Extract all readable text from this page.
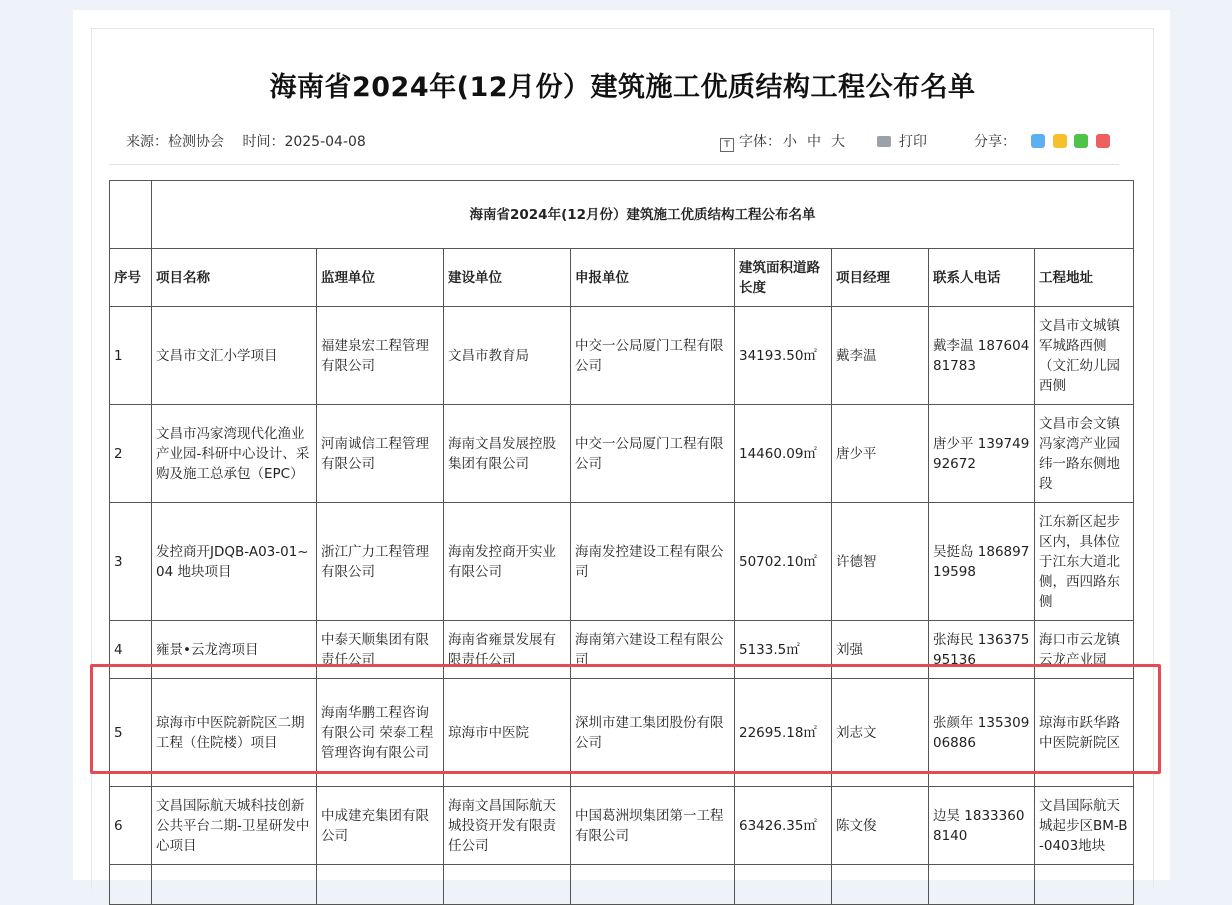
海南省2024年(12月份）建筑施工优质结构工程公布名单
来源：检测协会 时间：2025-04-08	T 字体： 小 中 大	打印	分享：
	海南省2024年(12月份）建筑施工优质结构工程公布名单							
序号	项目名称	监理单位	建设单位	申报单位	建筑面积道路长度	项目经理	联系人电话	工程地址
1	文昌市文汇小学项目	福建泉宏工程管理有限公司	文昌市教育局	中交一公局厦门工程有限公司	34193.50㎡	戴李温	戴李温 18760481783	文昌市文城镇军城路西侧（文汇幼儿园西侧
2	文昌市冯家湾现代化渔业产业园-科研中心设计、采购及施工总承包（EPC）	河南诚信工程管理有限公司	海南文昌发展控股集团有限公司	中交一公局厦门工程有限公司	14460.09㎡	唐少平	唐少平 13974992672	文昌市会文镇冯家湾产业园纬一路东侧地段
3	发控商开JDQB-A03-01~04 地块项目	浙江广力工程管理有限公司	海南发控商开实业有限公司	海南发控建设工程有限公司	50702.10㎡	许德智	吴挺岛 18689719598	江东新区起步区内，具体位于江东大道北侧，西四路东侧
4	雍景•云龙湾项目	中泰天顺集团有限责任公司	海南省雍景发展有限责任公司	海南第六建设工程有限公司	5133.5㎡	刘强	张海民 13637595136	海口市云龙镇云龙产业园
5	琼海市中医院新院区二期工程（住院楼）项目	海南华鹏工程咨询有限公司 荣泰工程管理咨询有限公司	琼海市中医院	深圳市建工集团股份有限公司	22695.18㎡	刘志文	张颜年 13530906886	琼海市跃华路中医院新院区
6	文昌国际航天城科技创新公共平台二期-卫星研发中心项目	中成建充集团有限公司	海南文昌国际航天城投资开发有限责任公司	中国葛洲坝集团第一工程有限公司	63426.35㎡	陈文俊	边昊 18333608140	文昌国际航天城起步区BM-B-0403地块
